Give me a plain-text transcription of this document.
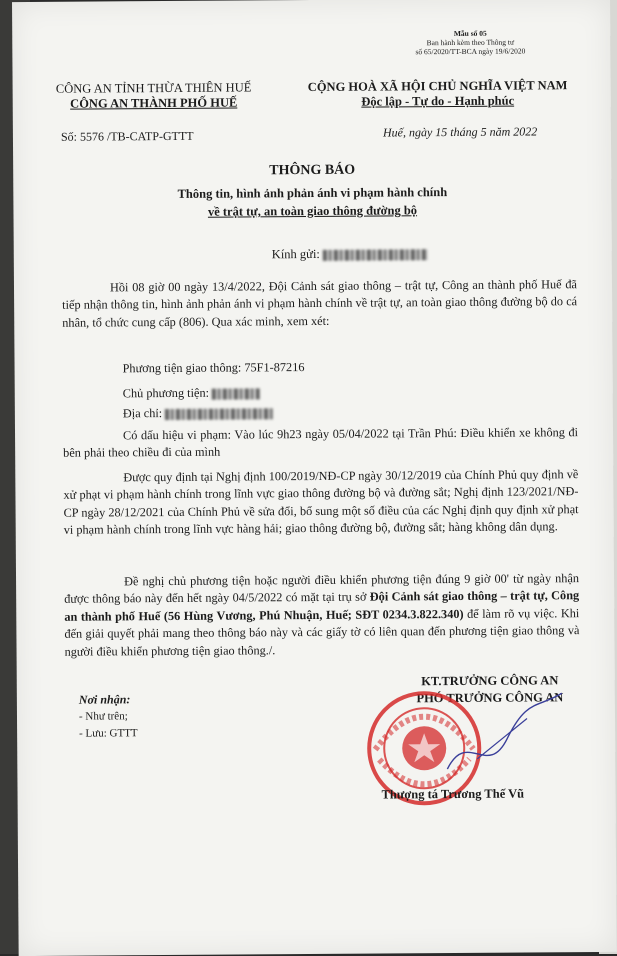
Mẫu số 05
Ban hành kèm theo Thông tư
số 65/2020/TT-BCA ngày 19/6/2020
CÔNG AN TỈNH THỪA THIÊN HUẾ
CÔNG AN THÀNH PHỐ HUẾ
CỘNG HOÀ XÃ HỘI CHỦ NGHĨA VIỆT NAM
Độc lập - Tự do - Hạnh phúc
Số: 5576 /TB-CATP-GTTT	Huế, ngày 15 tháng 5 năm 2022
THÔNG BÁO
Thông tin, hình ảnh phản ánh vi phạm hành chính
về trật tự, an toàn giao thông đường bộ
Kính gửi:
Hồi 08 giờ 00 ngày 13/4/2022, Đội Cảnh sát giao thông – trật tự, Công an thành phố Huế đã tiếp nhận thông tin, hình ảnh phản ánh vi phạm hành chính về trật tự, an toàn giao thông đường bộ do cá nhân, tổ chức cung cấp (806). Qua xác minh, xem xét:
Phương tiện giao thông: 75F1-87216
Chủ phương tiện:
Địa chỉ:
Có dấu hiệu vi phạm: Vào lúc 9h23 ngày 05/04/2022 tại Trần Phú: Điều khiển xe không đi bên phải theo chiều đi của mình
Được quy định tại Nghị định 100/2019/NĐ-CP ngày 30/12/2019 của Chính Phủ quy định về xử phạt vi phạm hành chính trong lĩnh vực giao thông đường bộ và đường sắt; Nghị định 123/2021/NĐ-CP ngày 28/12/2021 của Chính Phủ về sửa đổi, bổ sung một số điều của các Nghị định quy định xử phạt vi phạm hành chính trong lĩnh vực hàng hải; giao thông đường bộ, đường sắt; hàng không dân dụng.
Đề nghị chủ phương tiện hoặc người điều khiển phương tiện đúng 9 giờ 00' từ ngày nhận được thông báo này đến hết ngày 04/5/2022 có mặt tại trụ sở Đội Cảnh sát giao thông – trật tự, Công an thành phố Huế (56 Hùng Vương, Phú Nhuận, Huế; SĐT 0234.3.822.340) để làm rõ vụ việc. Khi đến giải quyết phải mang theo thông báo này và các giấy tờ có liên quan đến phương tiện giao thông và người điều khiển phương tiện giao thông./.
Nơi nhận:
- Như trên;
- Lưu: GTTT
KT.TRƯỞNG CÔNG AN
PHÓ TRƯỞNG CÔNG AN
Thượng tá Trương Thế Vũ
